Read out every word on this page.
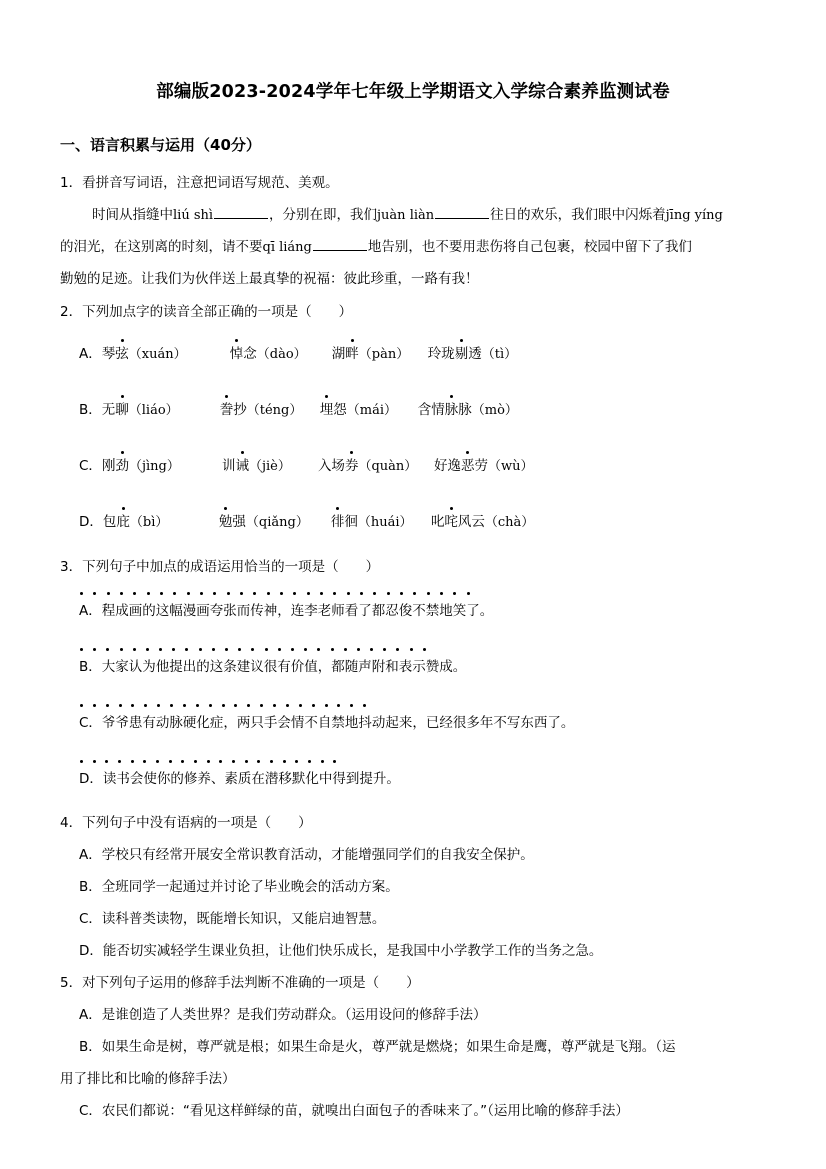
部编版2023-2024学年七年级上学期语文入学综合素养监测试卷
一、语言积累与运用（40分）
1．看拼音写词语，注意把词语写规范、美观。
时间从指缝中liú shì	，分别在即，我们juàn liàn	往日的欢乐，我们眼中闪烁着jīng yíng
的泪光，在这别离的时刻，请不要qī liáng	地告别，也不要用悲伤将自己包裹，校园中留下了我们
勤勉的足迹。让我们为伙伴送上最真挚的祝福：彼此珍重，一路有我！
2．下列加点字的读音全部正确的一项是（　　）
A．琴弦（xuán）	悼念（dào） 湖畔（pàn） 玲珑剔透（tì）
B．无聊（liáo）	誊抄（téng） 埋怨（mái） 含情脉脉（mò）
C．刚劲（jìng）	训诫（jiè） 入场券（quàn） 好逸恶劳（wù）
D．包庇（bì）	勉强（qiǎng） 徘徊（huái） 叱咤风云（chà）
3．下列句子中加点的成语运用恰当的一项是（　　）
A．程成画的这幅漫画夸张而传神，连李老师看了都忍俊不禁地笑了。
B．大家认为他提出的这条建议很有价值，都随声附和表示赞成。
C．爷爷患有动脉硬化症，两只手会情不自禁地抖动起来，已经很多年不写东西了。
D．读书会使你的修养、素质在潜移默化中得到提升。
4．下列句子中没有语病的一项是（　　）
A．学校只有经常开展安全常识教育活动，才能增强同学们的自我安全保护。
B．全班同学一起通过并讨论了毕业晚会的活动方案。
C．读科普类读物，既能增长知识，又能启迪智慧。
D．能否切实减轻学生课业负担，让他们快乐成长，是我国中小学教学工作的当务之急。
5．对下列句子运用的修辞手法判断不准确的一项是（　　）
A．是谁创造了人类世界？是我们劳动群众。（运用设问的修辞手法）
B．如果生命是树，尊严就是根；如果生命是火，尊严就是燃烧；如果生命是鹰，尊严就是飞翔。（运
用了排比和比喻的修辞手法）
C．农民们都说：“看见这样鲜绿的苗，就嗅出白面包子的香味来了。”（运用比喻的修辞手法）
